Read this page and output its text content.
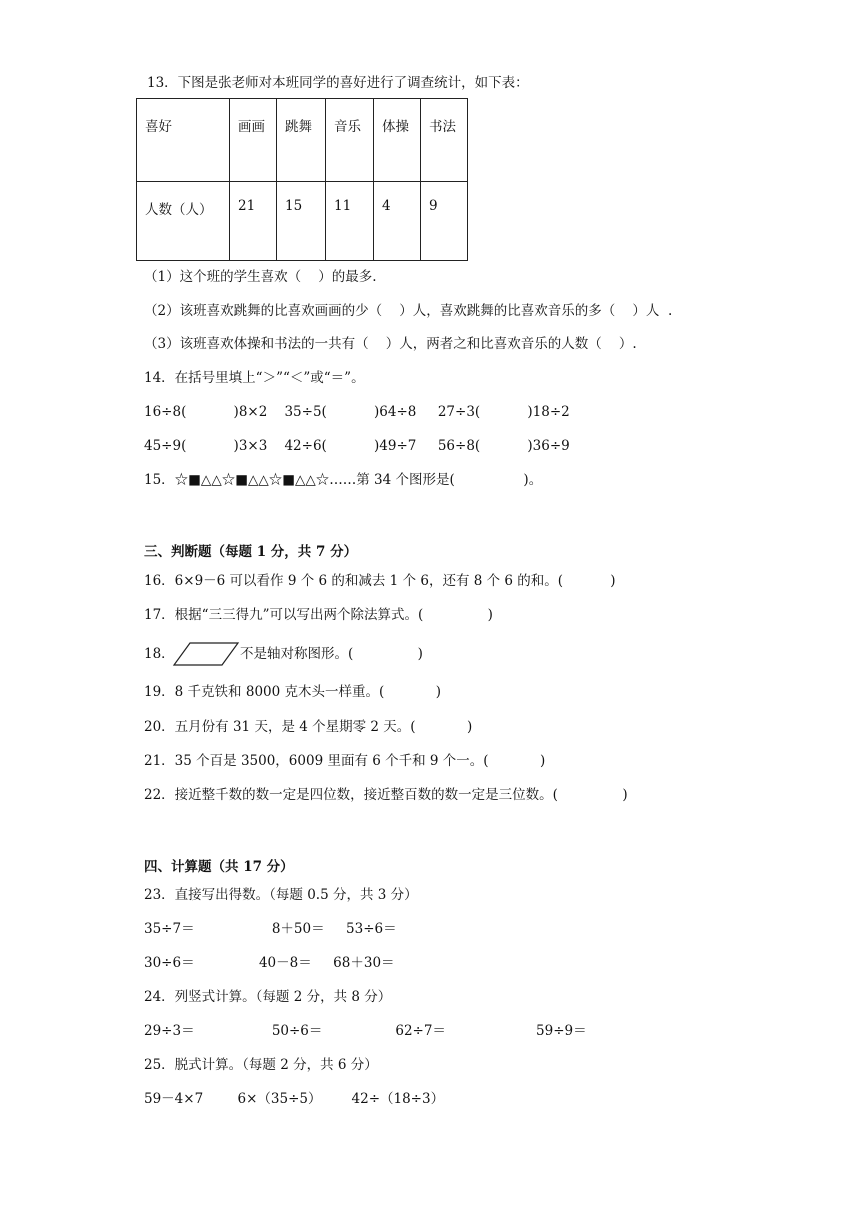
13．下图是张老师对本班同学的喜好进行了调查统计，如下表：
喜好	画画	跳舞	音乐	体操	书法
人数（人）	21	15	11	4	9
（1）这个班的学生喜欢（    ）的最多.
（2）该班喜欢跳舞的比喜欢画画的少（    ）人，喜欢跳舞的比喜欢音乐的多（    ）人  .
（3）该班喜欢体操和书法的一共有（    ）人，两者之和比喜欢音乐的人数（    ）.
14．在括号里填上“＞”“＜”或“＝”。
16÷8(           )8×2    35÷5(           )64÷8     27÷3(           )18÷2
45÷9(           )3×3    42÷6(           )49÷7     56÷8(           )36÷9
15．☆■△△☆■△△☆■△△☆……第 34 个图形是(                )。
三、判断题（每题 1 分，共 7 分）
16．6×9－6 可以看作 9 个 6 的和减去 1 个 6，还有 8 个 6 的和。(           )
17．根据“三三得九”可以写出两个除法算式。(               )
18．	不是轴对称图形。(               )
19．8 千克铁和 8000 克木头一样重。(            )
20．五月份有 31 天，是 4 个星期零 2 天。(            )
21．35 个百是 3500，6009 里面有 6 个千和 9 个一。(            )
22．接近整千数的数一定是四位数，接近整百数的数一定是三位数。(               )
四、计算题（共 17 分）
23．直接写出得数。（每题 0.5 分，共 3 分）
35÷7＝                  8＋50＝     53÷6＝
30÷6＝               40－8＝     68＋30＝
24．列竖式计算。（每题 2 分，共 8 分）
29÷3＝                  50÷6＝                 62÷7＝                     59÷9＝
25．脱式计算。（每题 2 分，共 6 分）
59－4×7        6×（35÷5）       42÷（18÷3）
